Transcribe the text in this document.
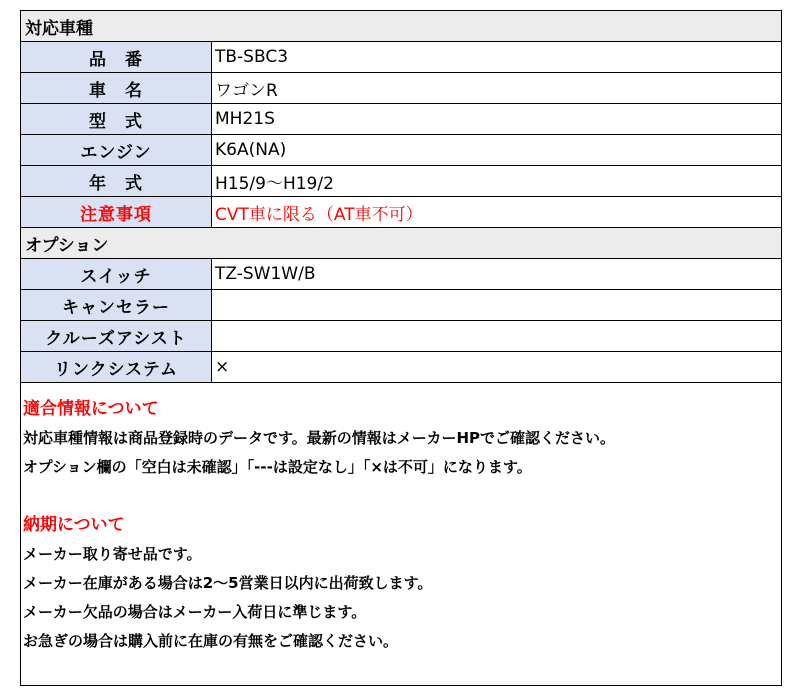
対応車種	
品　番	TB-SBC3
車　名	ワゴンR
型　式	MH21S
エンジン	K6A(NA)
年　式	H15/9～H19/2
注意事項	CVT車に限る（AT車不可）
オプション	
スイッチ	TZ-SW1W/B
キャンセラー	
クルーズアシスト	
リンクシステム	×
適合情報について
対応車種情報は商品登録時のデータです。最新の情報はメーカーHPでご確認ください。
オプション欄の「空白は未確認」「---は設定なし」「×は不可」になります。
納期について
メーカー取り寄せ品です。
メーカー在庫がある場合は2～5営業日以内に出荷致します。
メーカー欠品の場合はメーカー入荷日に準じます。
お急ぎの場合は購入前に在庫の有無をご確認ください。
